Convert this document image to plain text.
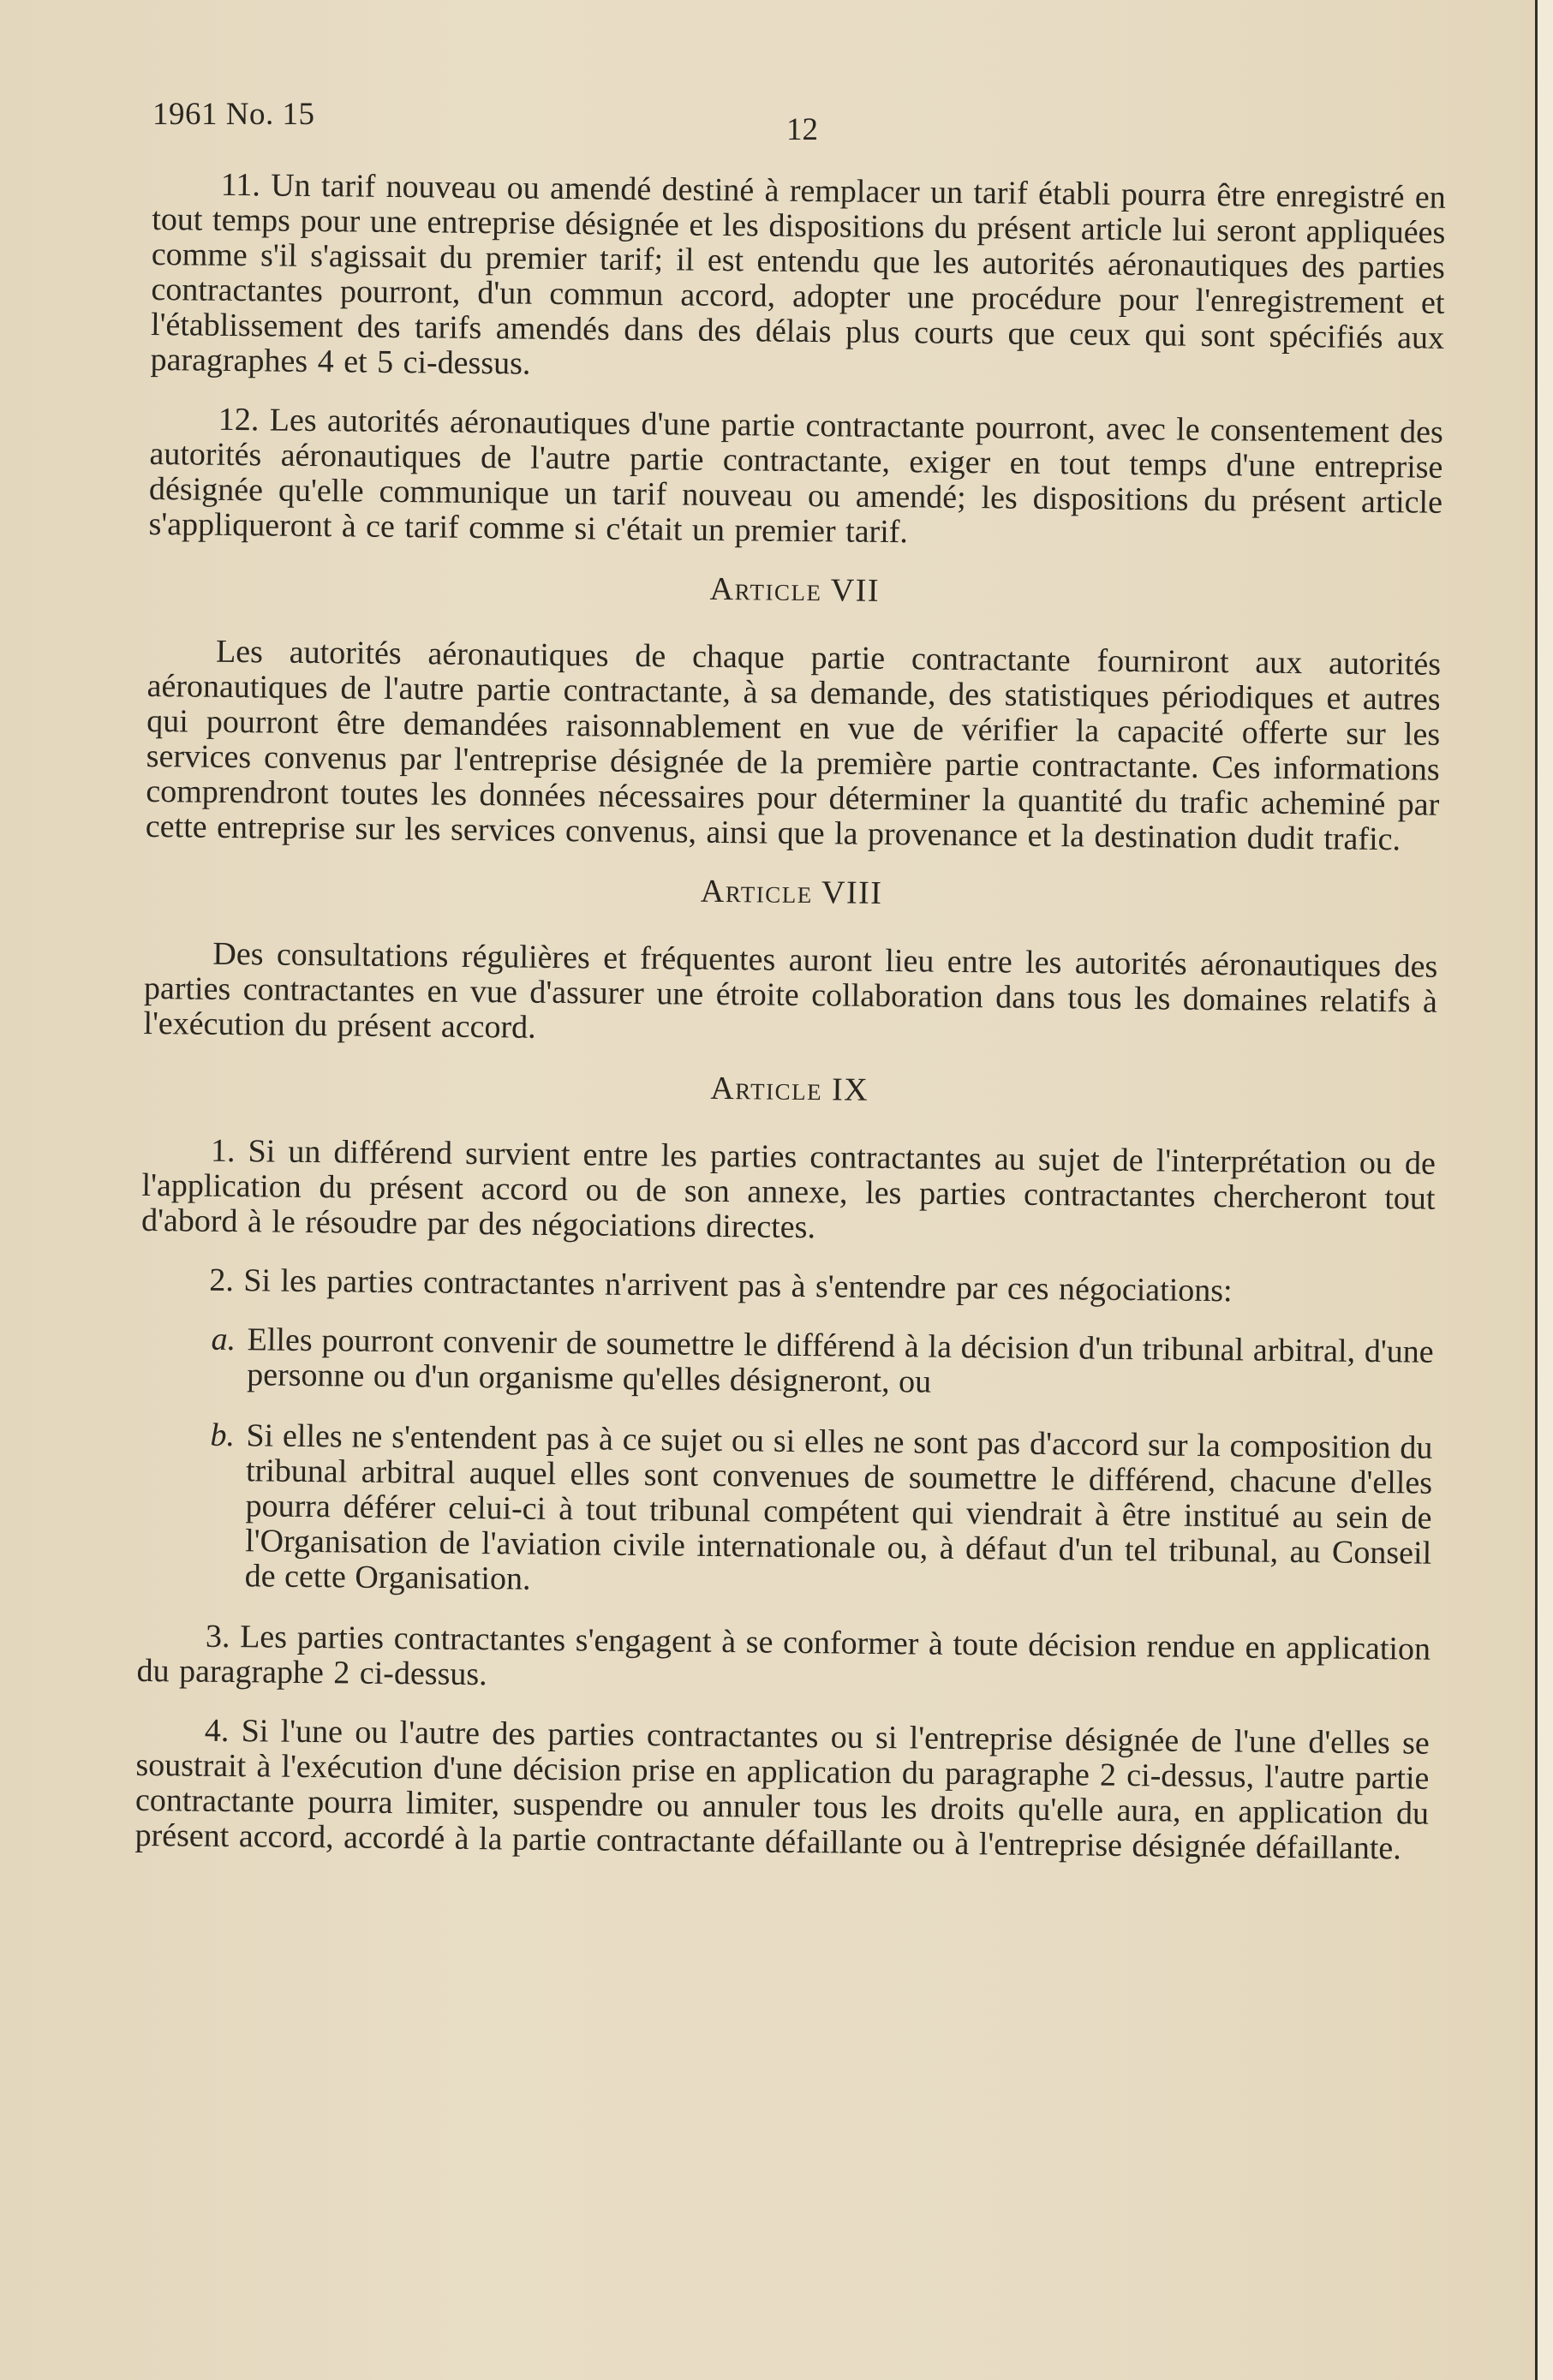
1961 No. 15	12

11. Un tarif nouveau ou amendé destiné à remplacer un tarif établi pourra être enregistré en tout temps pour une entreprise désignée et les dispositions du présent article lui seront appliquées comme s'il s'agissait du premier tarif; il est entendu que les autorités aéronautiques des parties contractantes pourront, d'un commun accord, adopter une procédure pour l'enregistrement et l'établissement des tarifs amendés dans des délais plus courts que ceux qui sont spécifiés aux paragraphes 4 et 5 ci-dessus.

12. Les autorités aéronautiques d'une partie contractante pourront, avec le consentement des autorités aéronautiques de l'autre partie contractante, exiger en tout temps d'une entreprise désignée qu'elle communique un tarif nouveau ou amendé; les dispositions du présent article s'appliqueront à ce tarif comme si c'était un premier tarif.

Article VII

Les autorités aéronautiques de chaque partie contractante fourniront aux autorités aéronautiques de l'autre partie contractante, à sa demande, des statistiques périodiques et autres qui pourront être demandées raisonnablement en vue de vérifier la capacité offerte sur les services convenus par l'entreprise désignée de la première partie contractante. Ces informations comprendront toutes les données nécessaires pour déterminer la quantité du trafic acheminé par cette entreprise sur les services convenus, ainsi que la provenance et la destination dudit trafic.

Article VIII

Des consultations régulières et fréquentes auront lieu entre les autorités aéronautiques des parties contractantes en vue d'assurer une étroite collaboration dans tous les domaines relatifs à l'exécution du présent accord.

Article IX

1. Si un différend survient entre les parties contractantes au sujet de l'interprétation ou de l'application du présent accord ou de son annexe, les parties contractantes chercheront tout d'abord à le résoudre par des négociations directes.

2. Si les parties contractantes n'arrivent pas à s'entendre par ces négociations:

a. Elles pourront convenir de soumettre le différend à la décision d'un tribunal arbitral, d'une personne ou d'un organisme qu'elles désigneront, ou
b. Si elles ne s'entendent pas à ce sujet ou si elles ne sont pas d'accord sur la composition du tribunal arbitral auquel elles sont convenues de soumettre le différend, chacune d'elles pourra déférer celui-ci à tout tribunal compétent qui viendrait à être institué au sein de l'Organisation de l'aviation civile internationale ou, à défaut d'un tel tribunal, au Conseil de cette Organisation.

3. Les parties contractantes s'engagent à se conformer à toute décision rendue en application du paragraphe 2 ci-dessus.

4. Si l'une ou l'autre des parties contractantes ou si l'entreprise désignée de l'une d'elles se soustrait à l'exécution d'une décision prise en application du paragraphe 2 ci-dessus, l'autre partie contractante pourra limiter, suspendre ou annuler tous les droits qu'elle aura, en application du présent accord, accordé à la partie contractante défaillante ou à l'entreprise désignée défaillante.
